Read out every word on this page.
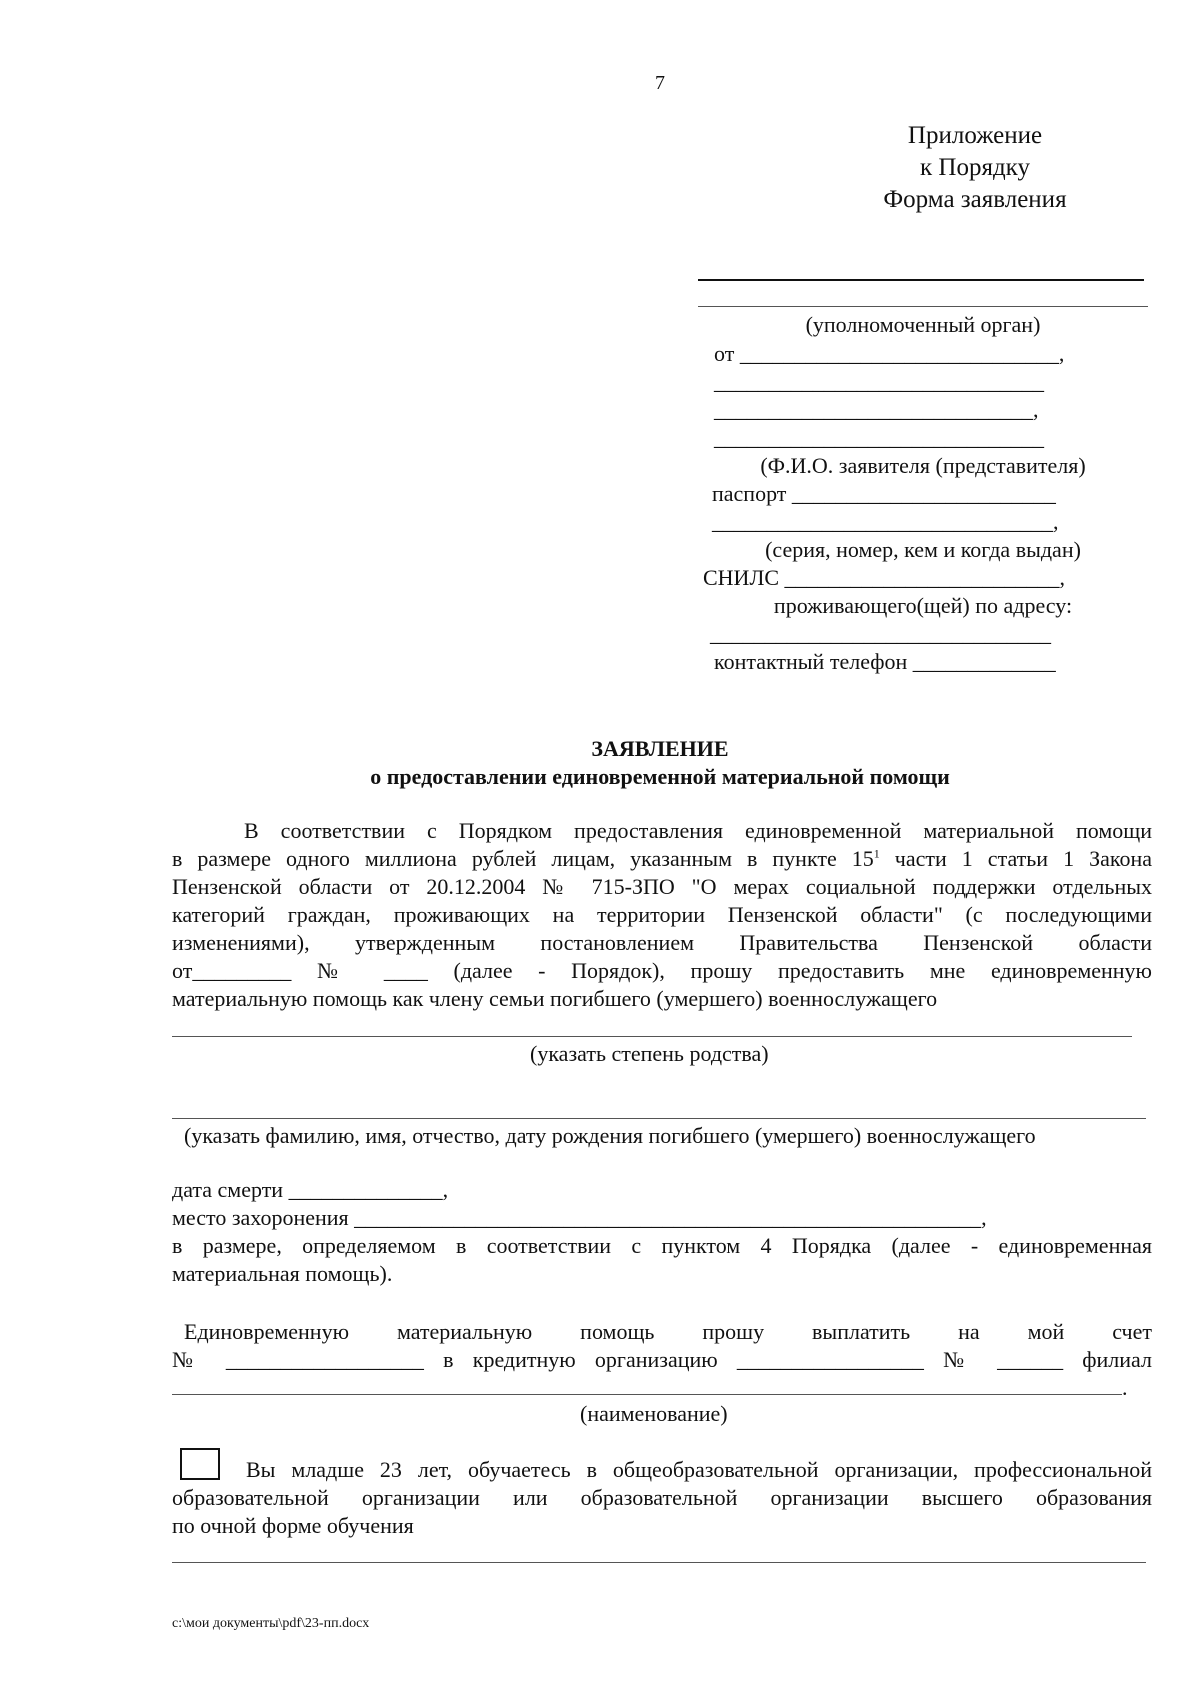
7
Приложение
к Порядку
Форма заявления
(уполномоченный орган)
от _____________________________,
______________________________
_____________________________,
______________________________
(Ф.И.О. заявителя (представителя)
паспорт ________________________
_______________________________,
(серия, номер, кем и когда выдан)
СНИЛС _________________________,
проживающего(щей) по адресу:
_______________________________
контактный телефон _____________
ЗАЯВЛЕНИЕ
о предоставлении единовременной материальной помощи
В соответствии с Порядком предоставления единовременной материальной помощи
в размере одного миллиона рублей лицам, указанным в пункте $15^1$ части 1 статьи 1 Закона
Пензенской области от 20.12.2004 № 715-ЗПО "О мерах социальной поддержки отдельных
категорий граждан, проживающих на территории Пензенской области" (с последующими
изменениями), утвержденным постановлением Правительства Пензенской области
от_________ № ____ (далее - Порядок), прошу предоставить мне единовременную
материальную помощь как члену семьи погибшего (умершего) военнослужащего
(указать степень родства)
(указать фамилию, имя, отчество, дату рождения погибшего (умершего) военнослужащего
дата смерти ______________,
место захоронения _________________________________________________________,
в размере, определяемом в соответствии с пунктом 4 Порядка (далее - единовременная
материальная помощь).
Единовременную материальную помощь прошу выплатить на мой счет
№ __________________ в кредитную организацию _________________ № ______ филиал
.
(наименование)
Вы младше 23 лет, обучаетесь в общеобразовательной организации, профессиональной
образовательной организации или образовательной организации высшего образования
по очной форме обучения
c:\мои документы\pdf\23-пп.docx
